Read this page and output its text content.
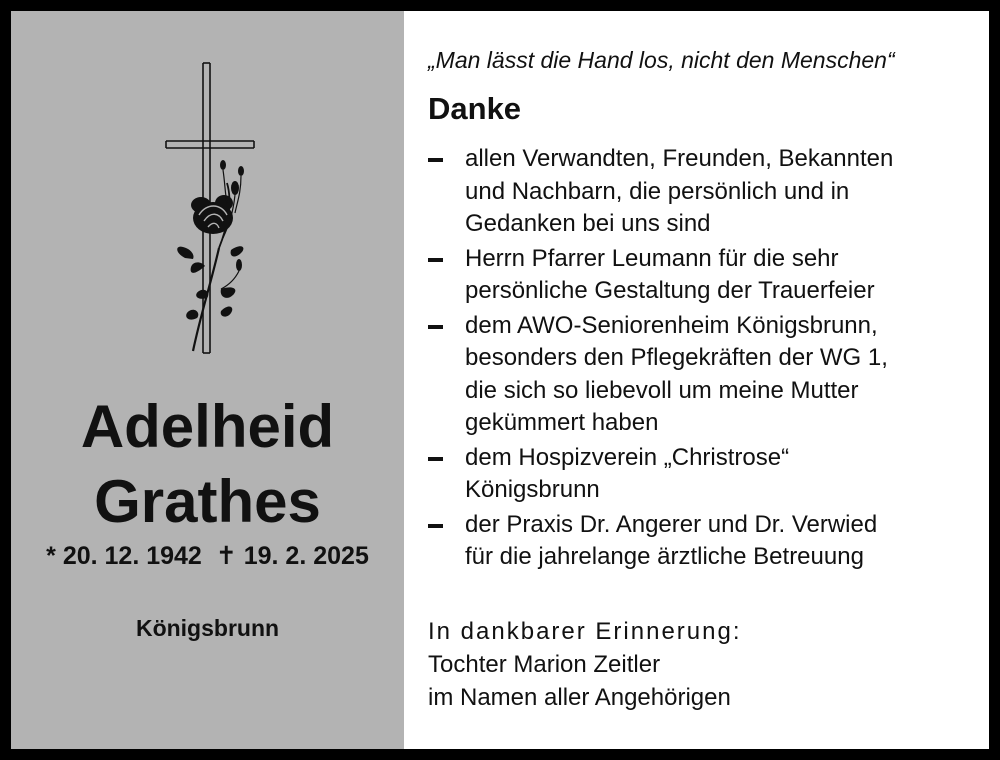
Adelheid
Grathes
* 20. 12. 1942 ✝ 19. 2. 2025
Königsbrunn
„Man lässt die Hand los, nicht den Menschen“
Danke
allen Verwandten, Freunden, Bekannten
und Nachbarn, die persönlich und in
Gedanken bei uns sind
Herrn Pfarrer Leumann für die sehr
persönliche Gestaltung der Trauerfeier
dem AWO-Seniorenheim Königsbrunn,
besonders den Pflegekräften der WG 1,
die sich so liebevoll um meine Mutter
gekümmert haben
dem Hospizverein „Christrose“
Königsbrunn
der Praxis Dr. Angerer und Dr. Verwied
für die jahrelange ärztliche Betreuung
In dankbarer Erinnerung:
Tochter Marion Zeitler
im Namen aller Angehörigen
